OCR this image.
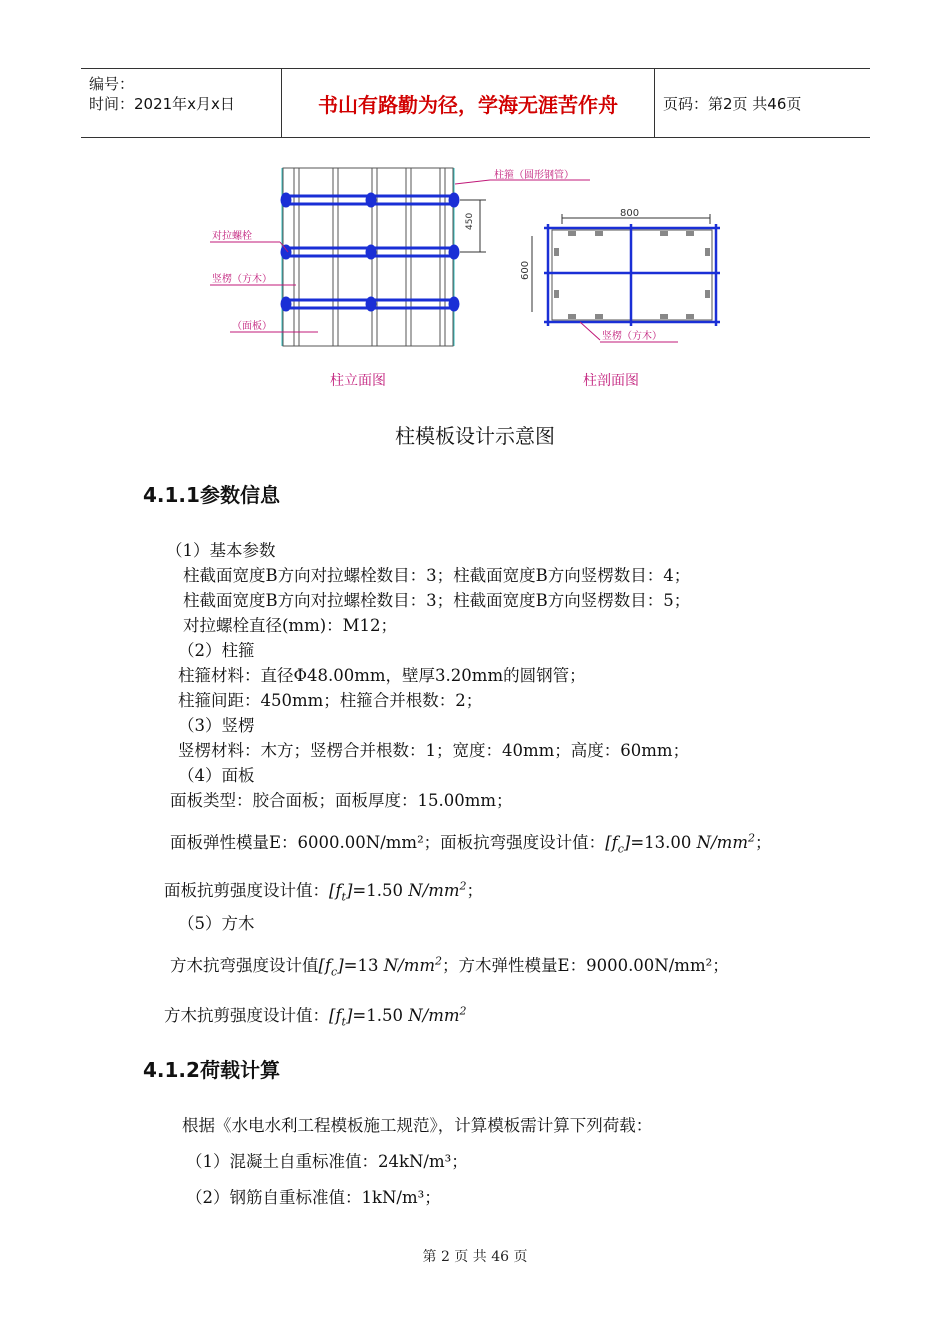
编号：
时间：2021年x月x日	书山有路勤为径，学海无涯苦作舟	页码：第2页 共46页
450
柱箍（圆形钢管）
对拉螺栓
竖楞（方木）
（面板）
柱立面图
800
600
竖楞（方木）
柱剖面图
柱模板设计示意图
4.1.1参数信息
（1）基本参数
柱截面宽度B方向对拉螺栓数目：3；柱截面宽度B方向竖楞数目：4；
柱截面宽度B方向对拉螺栓数目：3；柱截面宽度B方向竖楞数目：5；
对拉螺栓直径(mm)：M12；
（2）柱箍
柱箍材料：直径Φ48.00mm，壁厚3.20mm的圆钢管；
柱箍间距：450mm；柱箍合并根数：2；
（3）竖楞
竖楞材料：木方；竖楞合并根数：1；宽度：40mm；高度：60mm；
（4）面板
面板类型：胶合面板；面板厚度：15.00mm；
面板弹性模量E：6000.00N/mm²；面板抗弯强度设计值：$[f_c]=13.00$ $N/mm^2$；
面板抗剪强度设计值：$[f_t]=1.50$ $N/mm^2$；
（5）方木
方木抗弯强度设计值$[f_c]=13$ $N/mm^2$；方木弹性模量E：9000.00N/mm²；
方木抗剪强度设计值：$[f_t]=1.50$ $N/mm^2$
4.1.2荷载计算
根据《水电水利工程模板施工规范》，计算模板需计算下列荷载：
（1）混凝土自重标准值：24kN/m³；
（2）钢筋自重标准值：1kN/m³；
第 2 页 共 46 页
